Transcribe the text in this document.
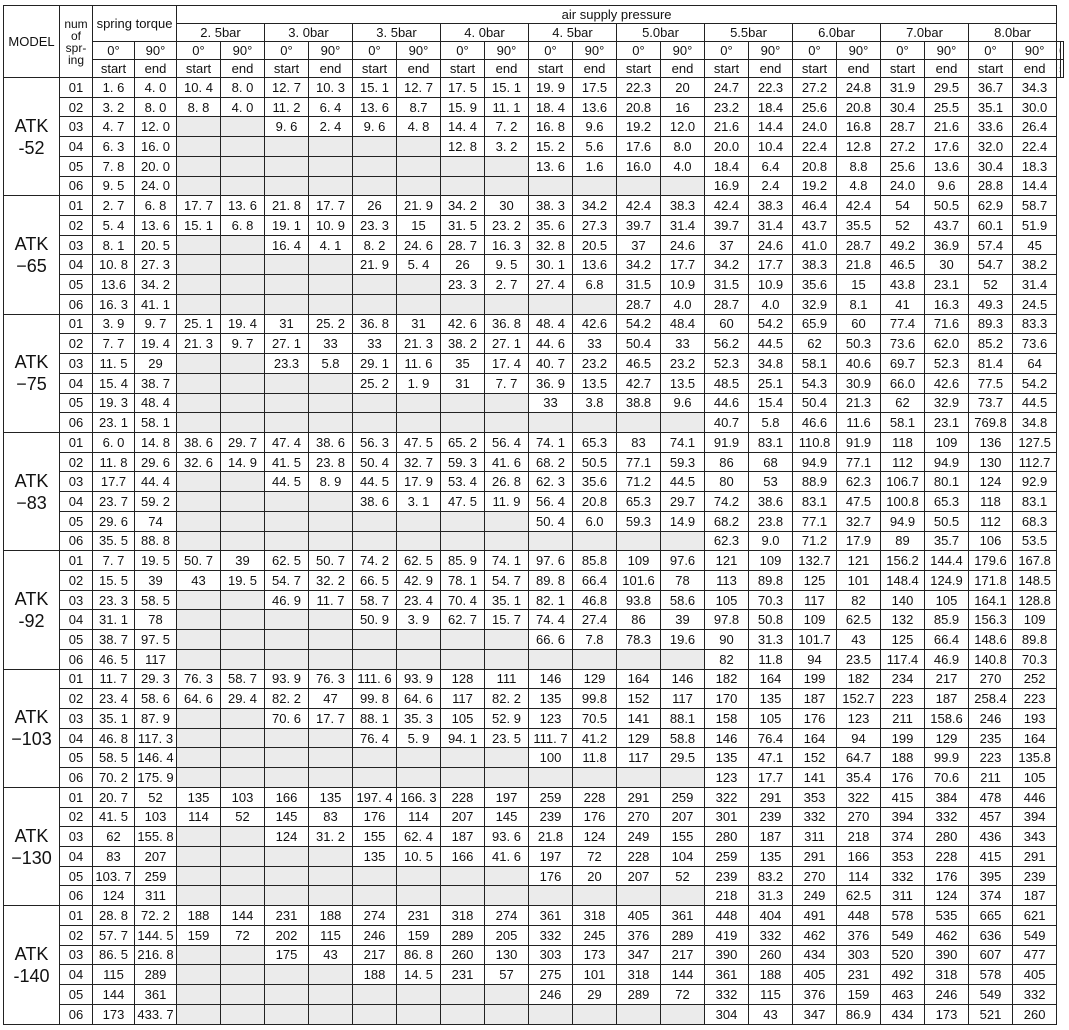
MODEL	num of spr- ing	spring torque		air supply pressure																					
				2. 5bar		3. 0bar		3. 5bar		4. 0bar		4. 5bar		5.0bar		5.5bar		6.0bar		7.0bar		8.0bar			
		0°	90°	0°	90°	0°	90°	0°	90°	0°	90°	0°	90°	0°	90°	0°	90°	0°	90°	0°	90°	0°	90°		
		start	end	start	end	start	end	start	end	start	end	start	end	start	end	start	end	start	end	start	end	start	end		
ATK -52	01	1. 6	4. 0	10. 4	8. 0	12. 7	10. 3	15. 1	12. 7	17. 5	15. 1	19. 9	17.5	22.3	20	24.7	22.3	27.2	24.8	31.9	29.5	36.7	34.3		
	02	3. 2	8. 0	8. 8	4. 0	11. 2	6. 4	13. 6	8.7	15. 9	11. 1	18. 4	13.6	20.8	16	23.2	18.4	25.6	20.8	30.4	25.5	35.1	30.0		
	03	4. 7	12. 0			9. 6	2. 4	9. 6	4. 8	14. 4	7. 2	16. 8	9.6	19.2	12.0	21.6	14.4	24.0	16.8	28.7	21.6	33.6	26.4		
	04	6. 3	16. 0							12. 8	3. 2	15. 2	5.6	17.6	8.0	20.0	10.4	22.4	12.8	27.2	17.6	32.0	22.4		
	05	7. 8	20. 0									13. 6	1.6	16.0	4.0	18.4	6.4	20.8	8.8	25.6	13.6	30.4	18.3		
	06	9. 5	24. 0													16.9	2.4	19.2	4.8	24.0	9.6	28.8	14.4		
ATK −65	01	2. 7	6. 8	17. 7	13. 6	21. 8	17. 7	26	21. 9	34. 2	30	38. 3	34.2	42.4	38.3	42.4	38.3	46.4	42.4	54	50.5	62.9	58.7		
	02	5. 4	13. 6	15. 1	6. 8	19. 1	10. 9	23. 3	15	31. 5	23. 2	35. 6	27.3	39.7	31.4	39.7	31.4	43.7	35.5	52	43.7	60.1	51.9		
	03	8. 1	20. 5			16. 4	4. 1	8. 2	24. 6	28. 7	16. 3	32. 8	20.5	37	24.6	37	24.6	41.0	28.7	49.2	36.9	57.4	45		
	04	10. 8	27. 3					21. 9	5. 4	26	9. 5	30. 1	13.6	34.2	17.7	34.2	17.7	38.3	21.8	46.5	30	54.7	38.2		
	05	13.6	34. 2							23. 3	2. 7	27. 4	6.8	31.5	10.9	31.5	10.9	35.6	15	43.8	23.1	52	31.4		
	06	16. 3	41. 1											28.7	4.0	28.7	4.0	32.9	8.1	41	16.3	49.3	24.5		
ATK −75	01	3. 9	9. 7	25. 1	19. 4	31	25. 2	36. 8	31	42. 6	36. 8	48. 4	42.6	54.2	48.4	60	54.2	65.9	60	77.4	71.6	89.3	83.3		
	02	7. 7	19. 4	21. 3	9. 7	27. 1	33	33	21. 3	38. 2	27. 1	44. 6	33	50.4	33	56.2	44.5	62	50.3	73.6	62.0	85.2	73.6		
	03	11. 5	29			23.3	5.8	29. 1	11. 6	35	17. 4	40. 7	23.2	46.5	23.2	52.3	34.8	58.1	40.6	69.7	52.3	81.4	64		
	04	15. 4	38. 7					25. 2	1. 9	31	7. 7	36. 9	13.5	42.7	13.5	48.5	25.1	54.3	30.9	66.0	42.6	77.5	54.2		
	05	19. 3	48. 4									33	3.8	38.8	9.6	44.6	15.4	50.4	21.3	62	32.9	73.7	44.5		
	06	23. 1	58. 1													40.7	5.8	46.6	11.6	58.1	23.1	769.8	34.8		
ATK −83	01	6. 0	14. 8	38. 6	29. 7	47. 4	38. 6	56. 3	47. 5	65. 2	56. 4	74. 1	65.3	83	74.1	91.9	83.1	110.8	91.9	118	109	136	127.5		
	02	11. 8	29. 6	32. 6	14. 9	41. 5	23. 8	50. 4	32. 7	59. 3	41. 6	68. 2	50.5	77.1	59.3	86	68	94.9	77.1	112	94.9	130	112.7		
	03	17.7	44. 4			44. 5	8. 9	44. 5	17. 9	53. 4	26. 8	62. 3	35.6	71.2	44.5	80	53	88.9	62.3	106.7	80.1	124	92.9		
	04	23. 7	59. 2					38. 6	3. 1	47. 5	11. 9	56. 4	20.8	65.3	29.7	74.2	38.6	83.1	47.5	100.8	65.3	118	83.1		
	05	29. 6	74									50. 4	6.0	59.3	14.9	68.2	23.8	77.1	32.7	94.9	50.5	112	68.3		
	06	35. 5	88. 8													62.3	9.0	71.2	17.9	89	35.7	106	53.5		
ATK -92	01	7. 7	19. 5	50. 7	39	62. 5	50. 7	74. 2	62. 5	85. 9	74. 1	97. 6	85.8	109	97.6	121	109	132.7	121	156.2	144.4	179.6	167.8		
	02	15. 5	39	43	19. 5	54. 7	32. 2	66. 5	42. 9	78. 1	54. 7	89. 8	66.4	101.6	78	113	89.8	125	101	148.4	124.9	171.8	148.5		
	03	23. 3	58. 5			46. 9	11. 7	58. 7	23. 4	70. 4	35. 1	82. 1	46.8	93.8	58.6	105	70.3	117	82	140	105	164.1	128.8		
	04	31. 1	78					50. 9	3. 9	62. 7	15. 7	74. 4	27.4	86	39	97.8	50.8	109	62.5	132	85.9	156.3	109		
	05	38. 7	97. 5									66. 6	7.8	78.3	19.6	90	31.3	101.7	43	125	66.4	148.6	89.8		
	06	46. 5	117													82	11.8	94	23.5	117.4	46.9	140.8	70.3		
ATK −103	01	11. 7	29. 3	76. 3	58. 7	93. 9	76. 3	111. 6	93. 9	128	111	146	129	164	146	182	164	199	182	234	217	270	252		
	02	23. 4	58. 6	64. 6	29. 4	82. 2	47	99. 8	64. 6	117	82. 2	135	99.8	152	117	170	135	187	152.7	223	187	258.4	223		
	03	35. 1	87. 9			70. 6	17. 7	88. 1	35. 3	105	52. 9	123	70.5	141	88.1	158	105	176	123	211	158.6	246	193		
	04	46. 8	117. 3					76. 4	5. 9	94. 1	23. 5	111. 7	41.2	129	58.8	146	76.4	164	94	199	129	235	164		
	05	58. 5	146. 4									100	11.8	117	29.5	135	47.1	152	64.7	188	99.9	223	135.8		
	06	70. 2	175. 9													123	17.7	141	35.4	176	70.6	211	105		
ATK −130	01	20. 7	52	135	103	166	135	197. 4	166. 3	228	197	259	228	291	259	322	291	353	322	415	384	478	446		
	02	41. 5	103	114	52	145	83	176	114	207	145	239	176	270	207	301	239	332	270	394	332	457	394		
	03	62	155. 8			124	31. 2	155	62. 4	187	93. 6	21.8	124	249	155	280	187	311	218	374	280	436	343		
	04	83	207					135	10. 5	166	41. 6	197	72	228	104	259	135	291	166	353	228	415	291		
	05	103. 7	259									176	20	207	52	239	83.2	270	114	332	176	395	239		
	06	124	311													218	31.3	249	62.5	311	124	374	187		
ATK -140	01	28. 8	72. 2	188	144	231	188	274	231	318	274	361	318	405	361	448	404	491	448	578	535	665	621		
	02	57. 7	144. 5	159	72	202	115	246	159	289	205	332	245	376	289	419	332	462	376	549	462	636	549		
	03	86. 5	216. 8			175	43	217	86. 8	260	130	303	173	347	217	390	260	434	303	520	390	607	477		
	04	115	289					188	14. 5	231	57	275	101	318	144	361	188	405	231	492	318	578	405		
	05	144	361									246	29	289	72	332	115	376	159	463	246	549	332		
	06	173	433. 7													304	43	347	86.9	434	173	521	260		
